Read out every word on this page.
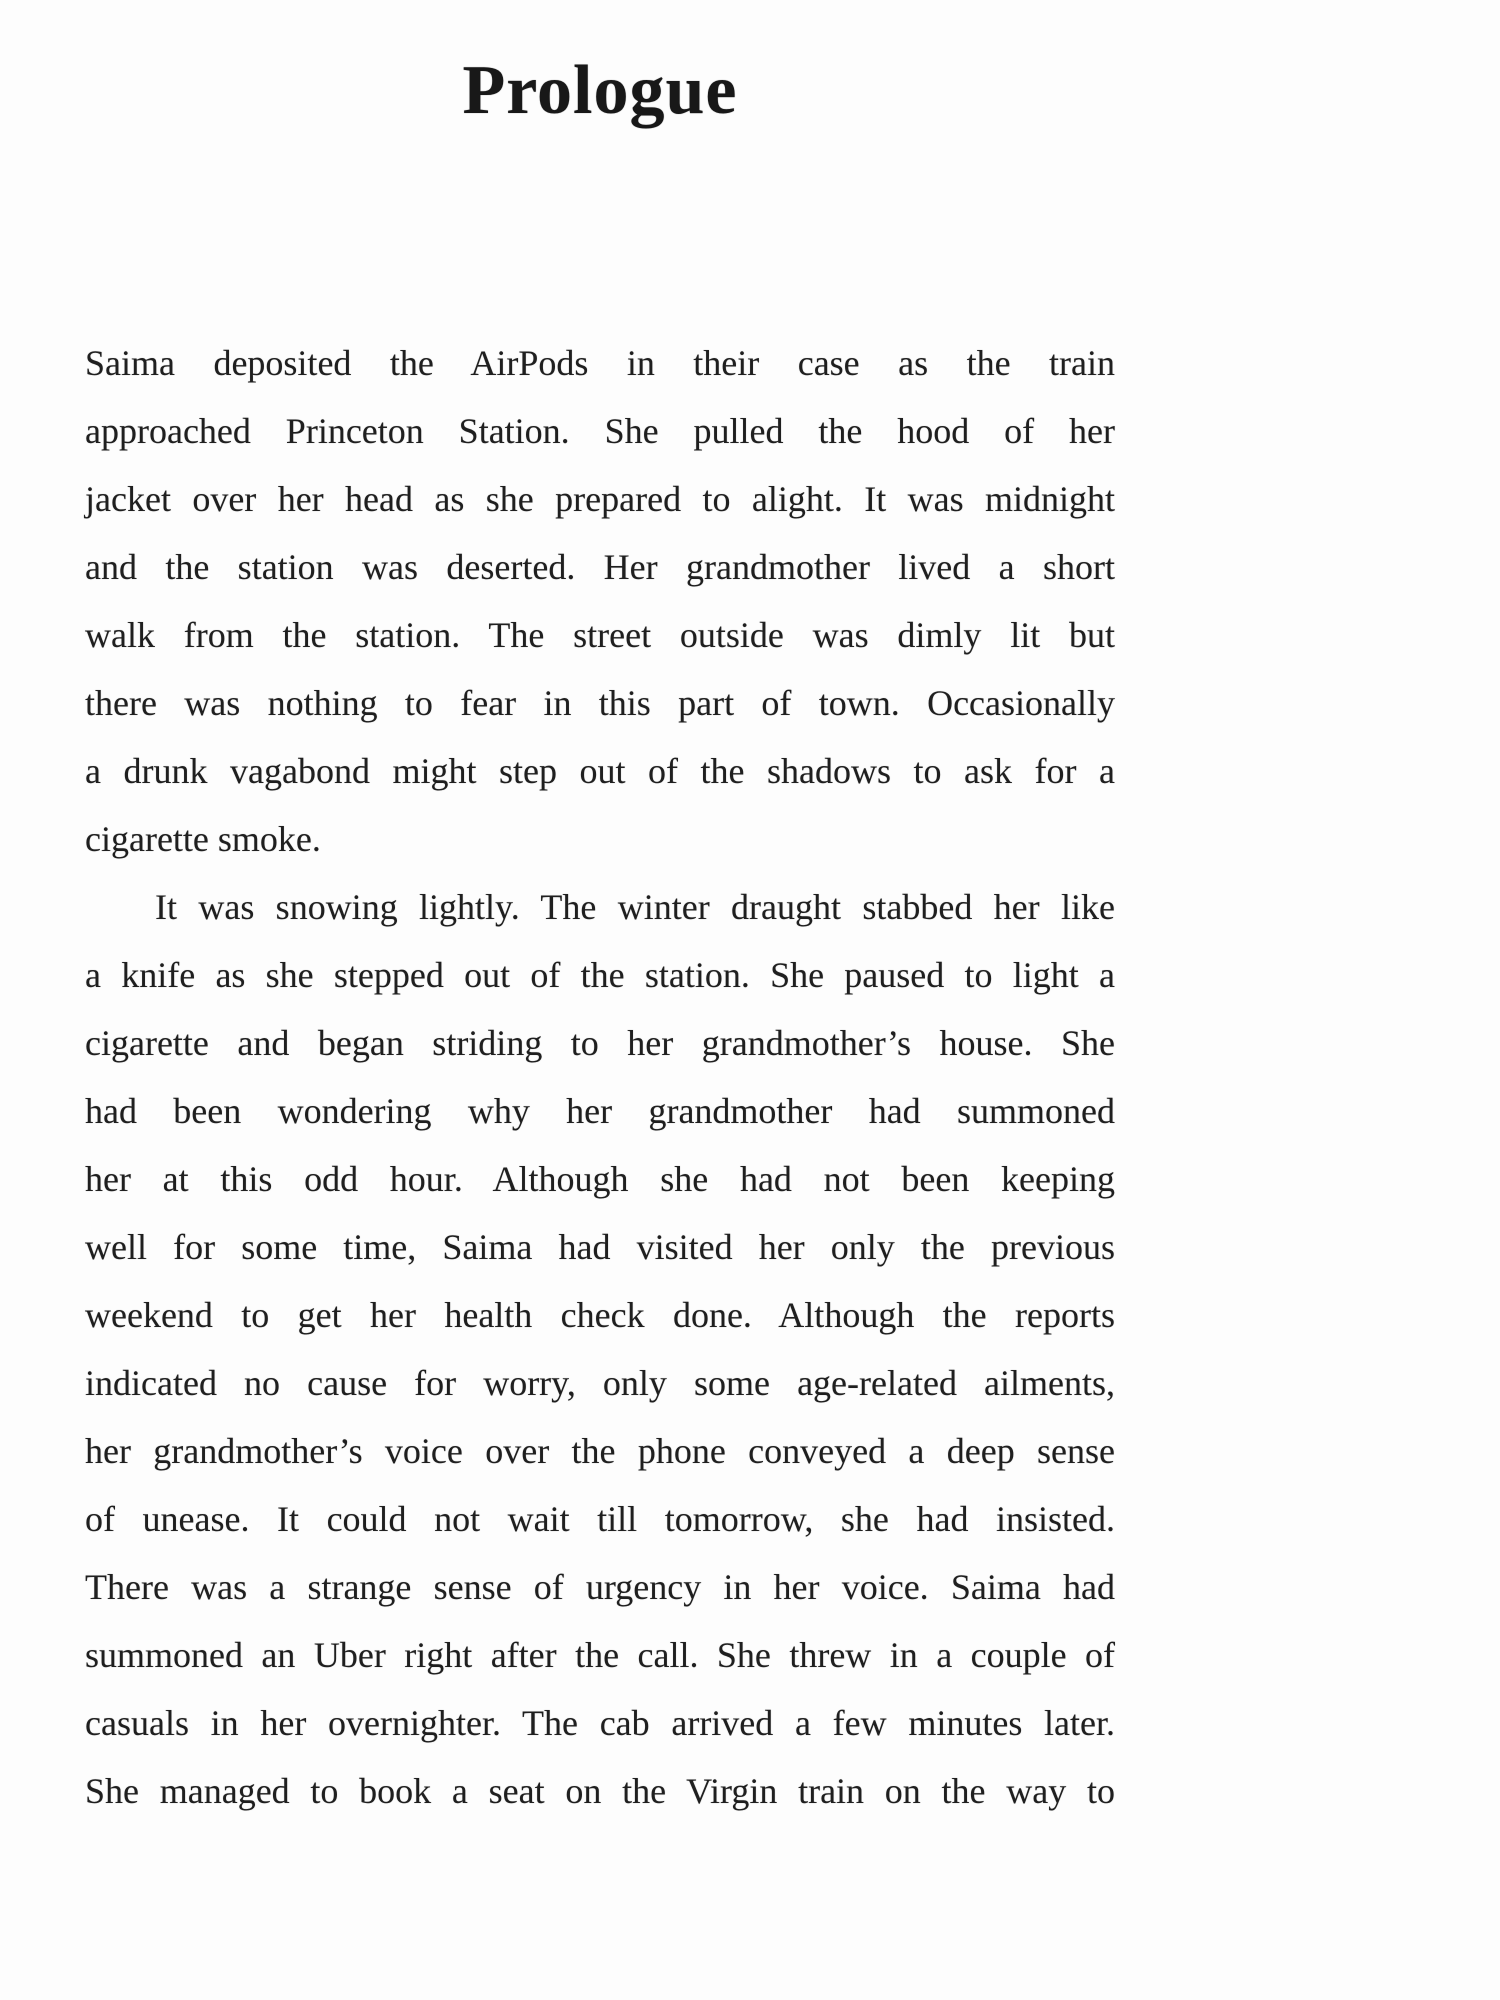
Prologue
Saima deposited the AirPods in their case as the train
approached Princeton Station. She pulled the hood of her
jacket over her head as she prepared to alight. It was midnight
and the station was deserted. Her grandmother lived a short
walk from the station. The street outside was dimly lit but
there was nothing to fear in this part of town. Occasionally
a drunk vagabond might step out of the shadows to ask for a
cigarette smoke.
It was snowing lightly. The winter draught stabbed her like
a knife as she stepped out of the station. She paused to light a
cigarette and began striding to her grandmother’s house. She
had been wondering why her grandmother had summoned
her at this odd hour. Although she had not been keeping
well for some time, Saima had visited her only the previous
weekend to get her health check done. Although the reports
indicated no cause for worry, only some age-related ailments,
her grandmother’s voice over the phone conveyed a deep sense
of unease. It could not wait till tomorrow, she had insisted.
There was a strange sense of urgency in her voice. Saima had
summoned an Uber right after the call. She threw in a couple of
casuals in her overnighter. The cab arrived a few minutes later.
She managed to book a seat on the Virgin train on the way to
